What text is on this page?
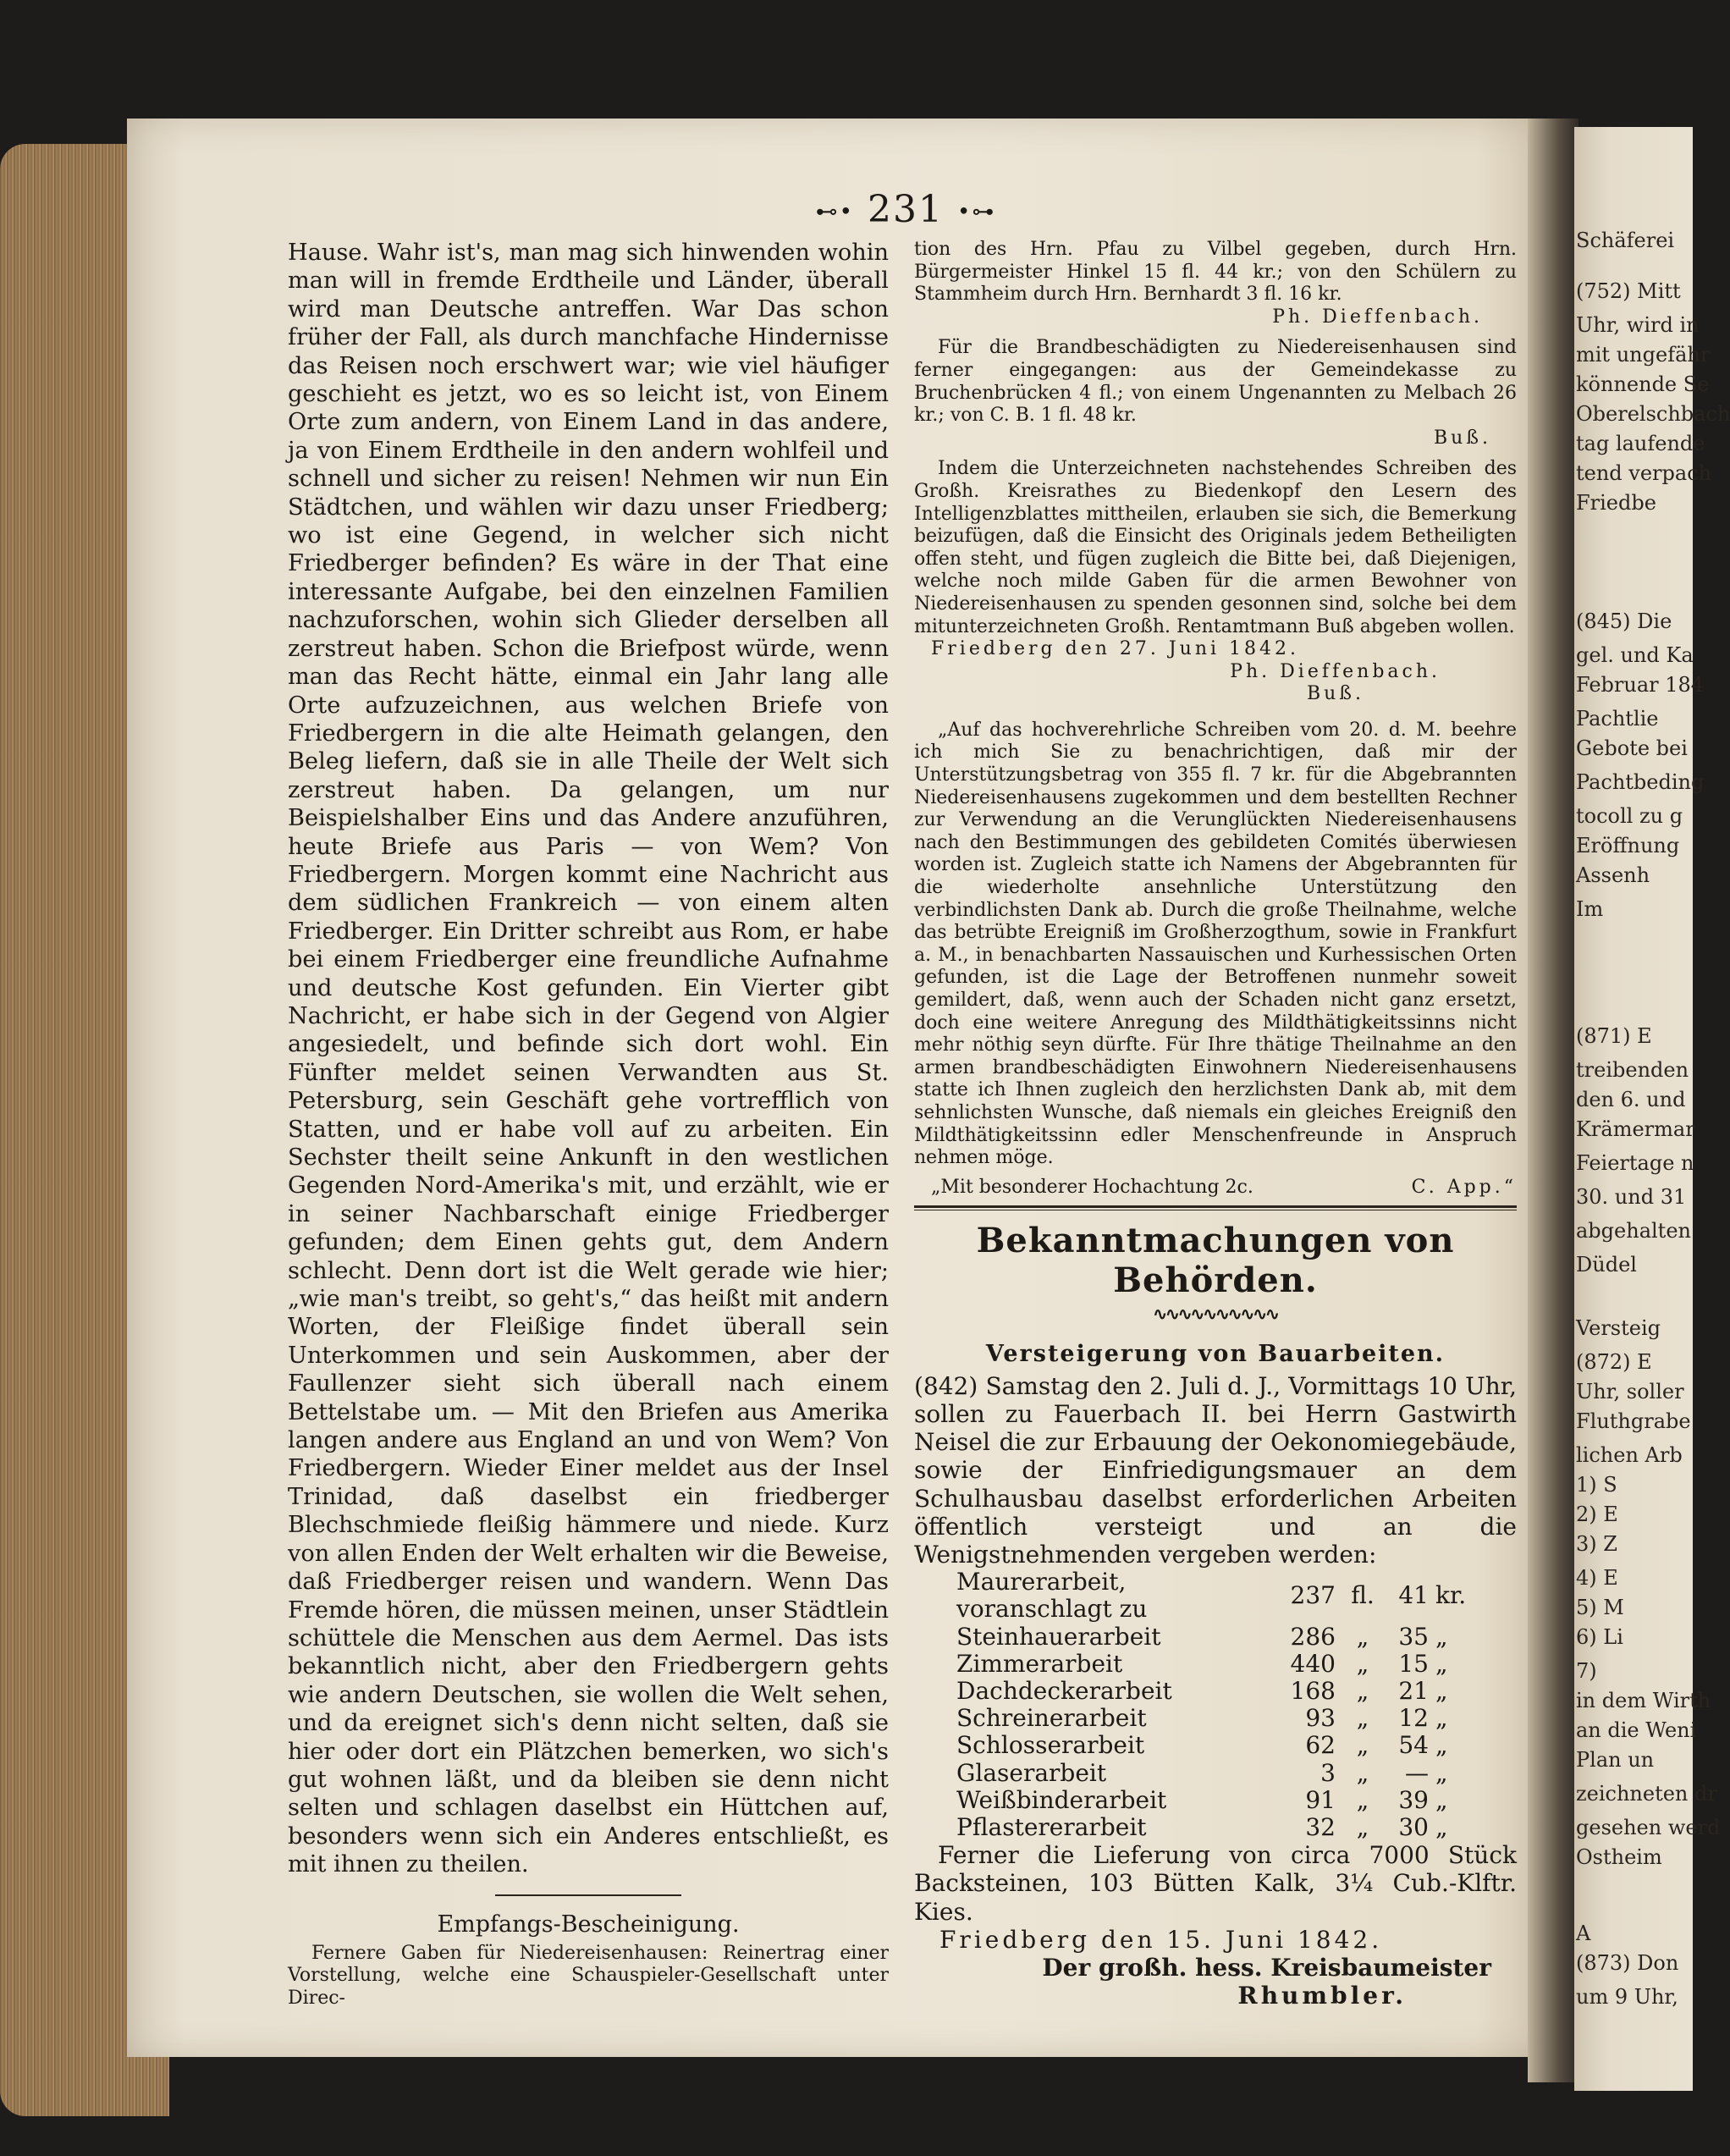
⊷• 231 •⊶

Hause. Wahr ist's, man mag sich hinwenden wohin man will in fremde Erdtheile und Länder, überall wird man Deutsche antreffen. War Das schon früher der Fall, als durch manchfache Hindernisse das Reisen noch erschwert war; wie viel häufiger geschieht es jetzt, wo es so leicht ist, von Einem Orte zum andern, von Einem Land in das andere, ja von Einem Erdtheile in den andern wohlfeil und schnell und sicher zu reisen! Nehmen wir nun Ein Städtchen, und wählen wir dazu unser Friedberg; wo ist eine Gegend, in welcher sich nicht Friedberger befinden? Es wäre in der That eine interessante Aufgabe, bei den einzelnen Familien nachzuforschen, wohin sich Glieder derselben all zerstreut haben. Schon die Briefpost würde, wenn man das Recht hätte, einmal ein Jahr lang alle Orte aufzuzeichnen, aus welchen Briefe von Friedbergern in die alte Heimath gelangen, den Beleg liefern, daß sie in alle Theile der Welt sich zerstreut haben. Da gelangen, um nur Beispielshalber Eins und das Andere anzuführen, heute Briefe aus Paris — von Wem? Von Friedbergern. Morgen kommt eine Nachricht aus dem südlichen Frankreich — von einem alten Friedberger. Ein Dritter schreibt aus Rom, er habe bei einem Friedberger eine freundliche Aufnahme und deutsche Kost gefunden. Ein Vierter gibt Nachricht, er habe sich in der Gegend von Algier angesiedelt, und befinde sich dort wohl. Ein Fünfter meldet seinen Verwandten aus St. Petersburg, sein Geschäft gehe vortrefflich von Statten, und er habe voll auf zu arbeiten. Ein Sechster theilt seine Ankunft in den westlichen Gegenden Nord-Amerika's mit, und erzählt, wie er in seiner Nachbarschaft einige Friedberger gefunden; dem Einen gehts gut, dem Andern schlecht. Denn dort ist die Welt gerade wie hier; „wie man's treibt, so geht's,“ das heißt mit andern Worten, der Fleißige findet überall sein Unterkommen und sein Auskommen, aber der Faullenzer sieht sich überall nach einem Bettelstabe um. — Mit den Briefen aus Amerika langen andere aus England an und von Wem? Von Friedbergern. Wieder Einer meldet aus der Insel Trinidad, daß daselbst ein friedberger Blechschmiede fleißig hämmere und niede. Kurz von allen Enden der Welt erhalten wir die Beweise, daß Friedberger reisen und wandern. Wenn Das Fremde hören, die müssen meinen, unser Städtlein schüttele die Menschen aus dem Aermel. Das ists bekanntlich nicht, aber den Friedbergern gehts wie andern Deutschen, sie wollen die Welt sehen, und da ereignet sich's denn nicht selten, daß sie hier oder dort ein Plätzchen bemerken, wo sich's gut wohnen läßt, und da bleiben sie denn nicht selten und schlagen daselbst ein Hüttchen auf, besonders wenn sich ein Anderes entschließt, es mit ihnen zu theilen.

Empfangs-Bescheinigung.

Fernere Gaben für Niedereisenhausen: Reinertrag einer Vorstellung, welche eine Schauspieler-Gesellschaft unter Direc-

tion des Hrn. Pfau zu Vilbel gegeben, durch Hrn. Bürgermeister Hinkel 15 fl. 44 kr.; von den Schülern zu Stammheim durch Hrn. Bernhardt 3 fl. 16 kr.

Ph. Dieffenbach.

Für die Brandbeschädigten zu Niedereisenhausen sind ferner eingegangen: aus der Gemeindekasse zu Bruchenbrücken 4 fl.; von einem Ungenannten zu Melbach 26 kr.; von C. B. 1 fl. 48 kr.

Buß.

Indem die Unterzeichneten nachstehendes Schreiben des Großh. Kreisrathes zu Biedenkopf den Lesern des Intelligenzblattes mittheilen, erlauben sie sich, die Bemerkung beizufügen, daß die Einsicht des Originals jedem Betheiligten offen steht, und fügen zugleich die Bitte bei, daß Diejenigen, welche noch milde Gaben für die armen Bewohner von Niedereisenhausen zu spenden gesonnen sind, solche bei dem mitunterzeichneten Großh. Rentamtmann Buß abgeben wollen.

Friedberg den 27. Juni 1842.

Ph. Dieffenbach.

Buß.

„Auf das hochverehrliche Schreiben vom 20. d. M. beehre ich mich Sie zu benachrichtigen, daß mir der Unterstützungsbetrag von 355 fl. 7 kr. für die Abgebrannten Niedereisenhausens zugekommen und dem bestellten Rechner zur Verwendung an die Verunglückten Niedereisenhausens nach den Bestimmungen des gebildeten Comités überwiesen worden ist. Zugleich statte ich Namens der Abgebrannten für die wiederholte ansehnliche Unterstützung den verbindlichsten Dank ab. Durch die große Theilnahme, welche das betrübte Ereigniß im Großherzogthum, sowie in Frankfurt a. M., in benachbarten Nassauischen und Kurhessischen Orten gefunden, ist die Lage der Betroffenen nunmehr soweit gemildert, daß, wenn auch der Schaden nicht ganz ersetzt, doch eine weitere Anregung des Mildthätigkeitssinns nicht mehr nöthig seyn dürfte. Für Ihre thätige Theilnahme an den armen brandbeschädigten Einwohnern Niedereisenhausens statte ich Ihnen zugleich den herzlichsten Dank ab, mit dem sehnlichsten Wunsche, daß niemals ein gleiches Ereigniß den Mildthätigkeitssinn edler Menschenfreunde in Anspruch nehmen möge.

„Mit besonderer Hochachtung 2c.	C. App.“
Bekanntmachungen von Behörden.
∿∿∿∿∿∿∿∿∿∿
Versteigerung von Bauarbeiten.

(842) Samstag den 2. Juli d. J., Vormittags 10 Uhr, sollen zu Fauerbach II. bei Herrn Gastwirth Neisel die zur Erbauung der Oekonomiegebäude, sowie der Einfriedigungsmauer an dem Schulhausbau daselbst erforderlichen Arbeiten öffentlich versteigt und an die Wenigstnehmenden vergeben werden:

Maurerarbeit, voranschlagt zu	237	fl.	41	kr.
Steinhauerarbeit	286	„	35	„
Zimmerarbeit	440	„	15	„
Dachdeckerarbeit	168	„	21	„
Schreinerarbeit	93	„	12	„
Schlosserarbeit	62	„	54	„
Glaserarbeit	3	„	—	„
Weißbinderarbeit	91	„	39	„
Pflastererarbeit	32	„	30	„

Ferner die Lieferung von circa 7000 Stück Backsteinen, 103 Bütten Kalk, 3¼ Cub.-Klftr. Kies.

Friedberg den 15. Juni 1842.

Der großh. hess. Kreisbaumeister

Rhumbler.

Schäferei
(752) Mitt
Uhr, wird in
mit ungefähr
könnende Se
Oberelschbach
tag laufende
tend verpach
Friedbe
(845) Die
gel. und Ka
Februar 184
Pachtlie
Gebote bei
Pachtbeding
tocoll zu g
Eröffnung
Assenh
Im
(871) E
treibenden
den 6. und
Krämermar
Feiertage n
30. und 31
abgehalten
Düdel
Versteig
(872) E
Uhr, soller
Fluthgrabe
lichen Arb
1) S
2) E
3) Z
4) E
5) M
6) Li
7)
in dem Wirth
an die Weni
Plan un
zeichneten dr
gesehen werd
Ostheim
A
(873) Don
um 9 Uhr,
